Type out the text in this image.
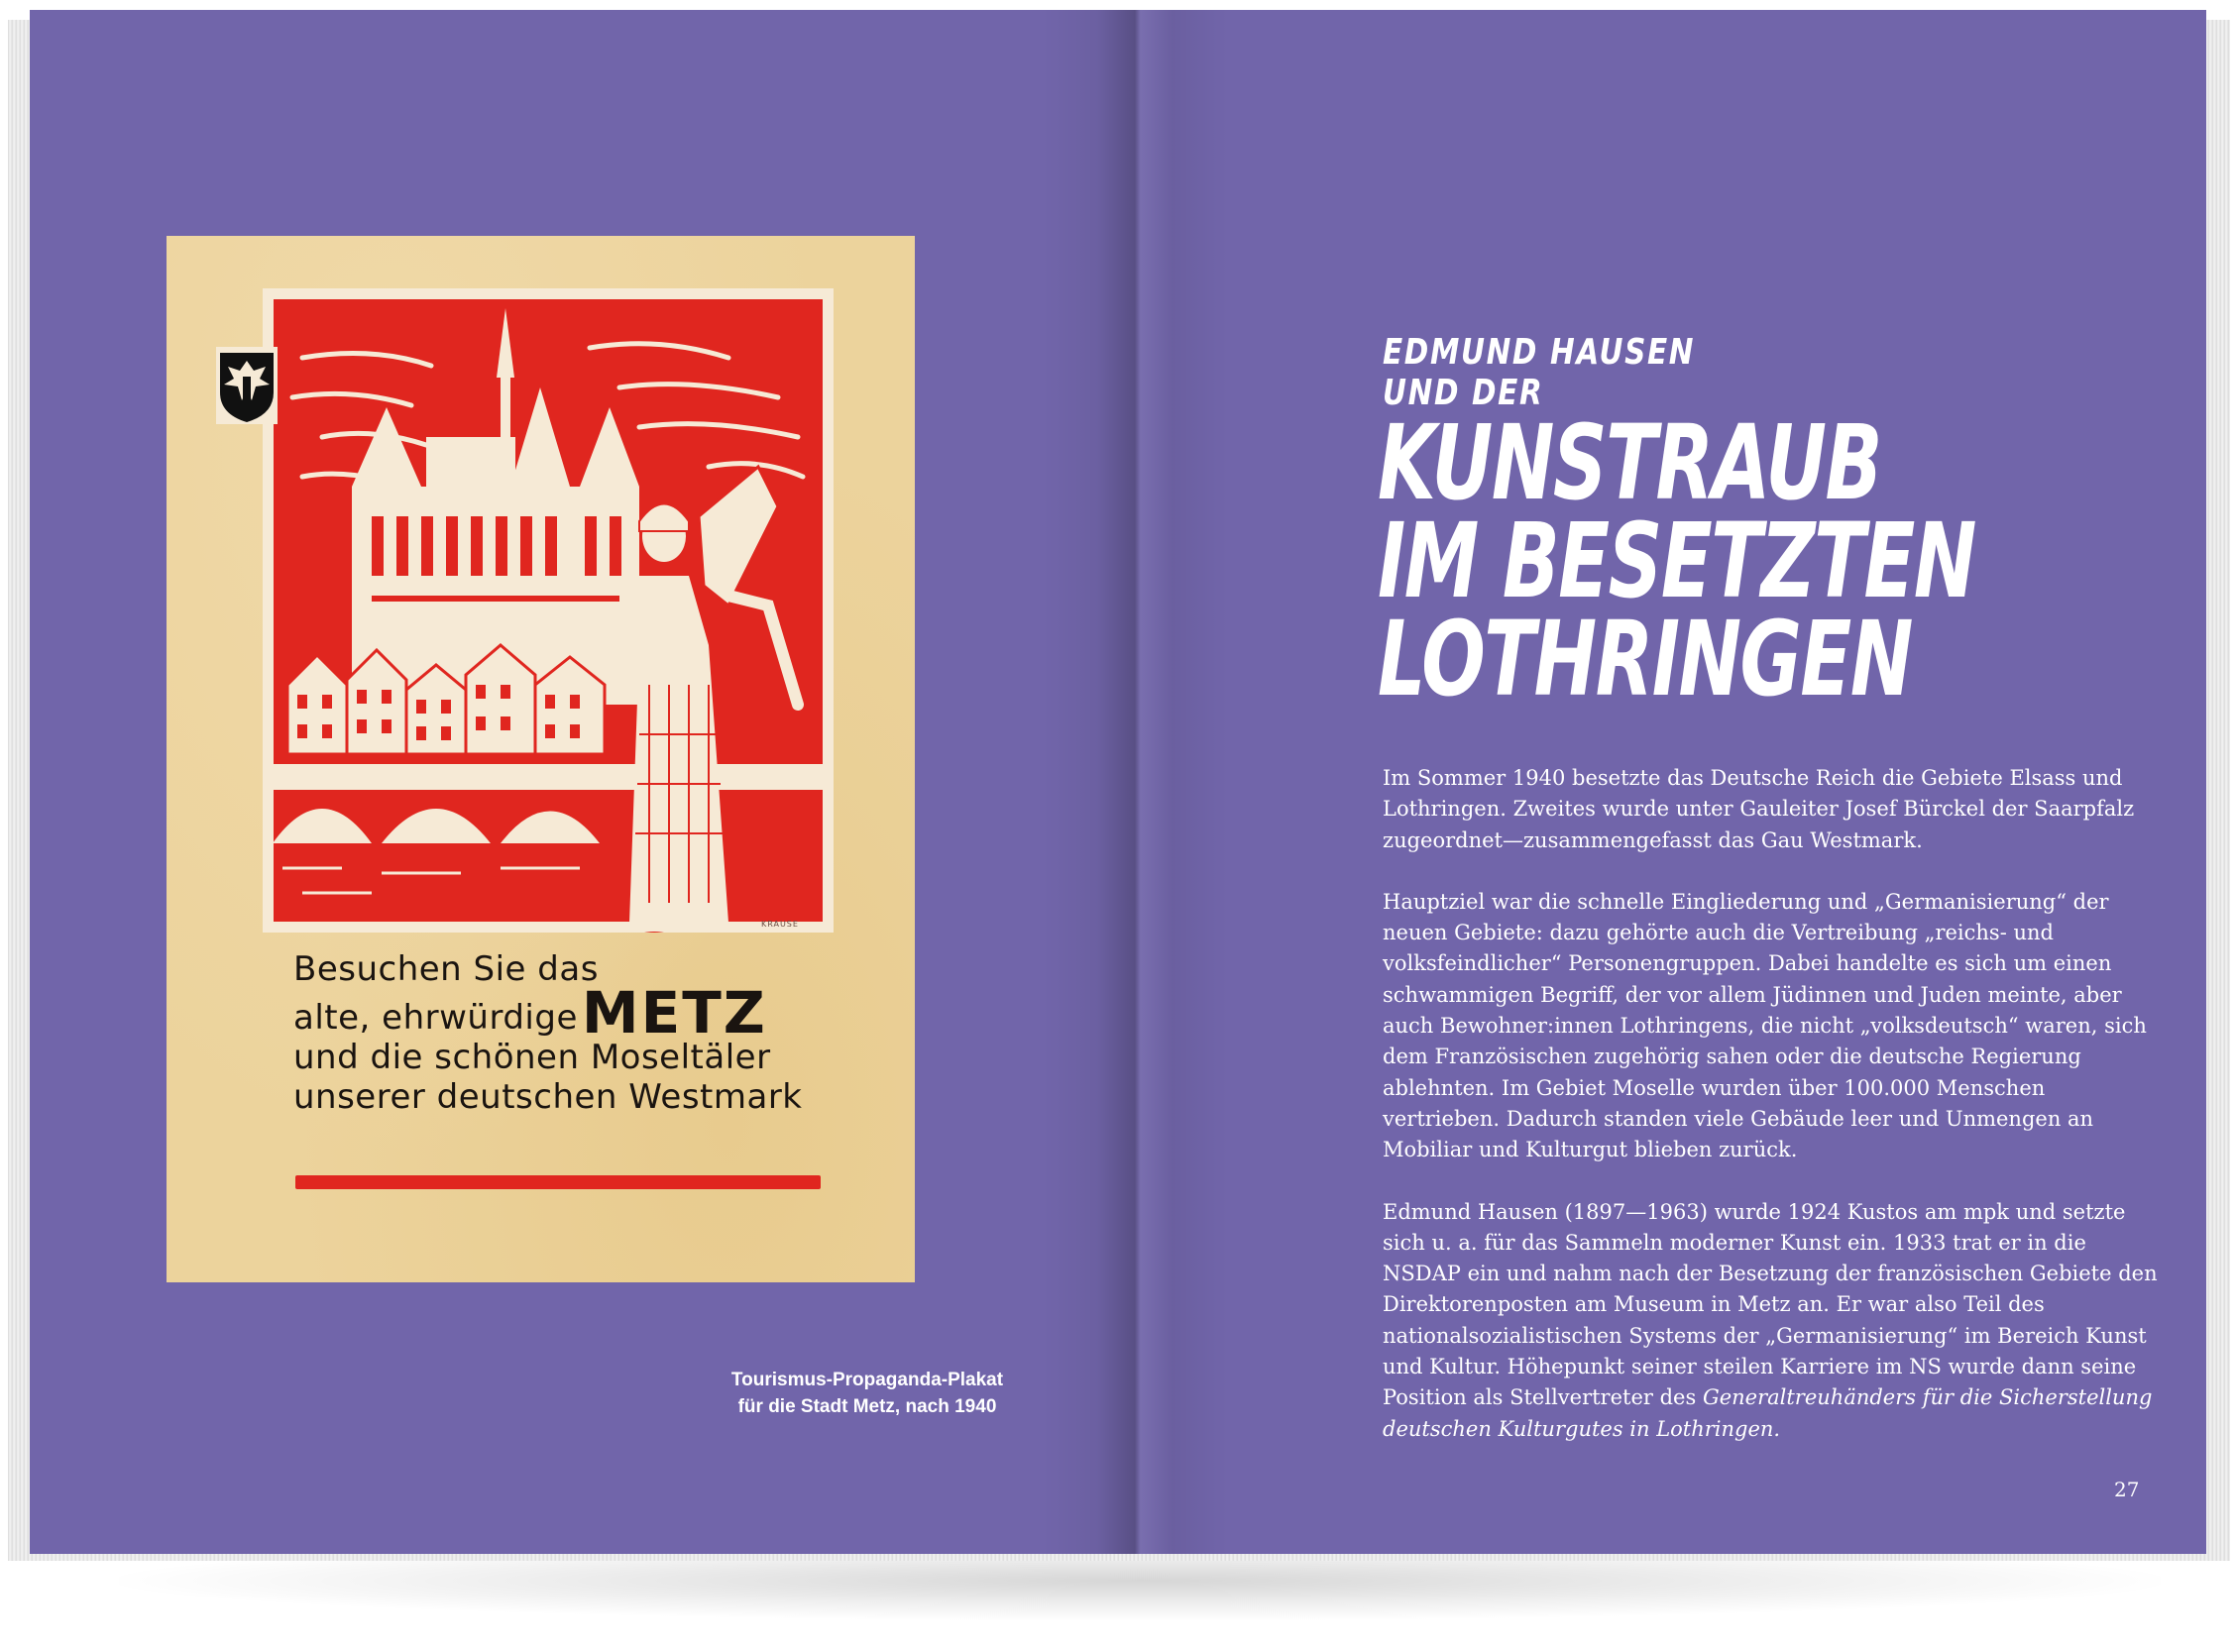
KRAUSE
Besuchen Sie das
alte, ehrwürdigeMETZ
und die schönen Moseltäler
unserer deutschen Westmark
Tourismus-Propaganda-Plakat
für die Stadt Metz, nach 1940
EDMUND HAUSEN
UND DER
KUNSTRAUB
IM BESETZTEN
LOTHRINGEN

Im Sommer 1940 besetzte das Deutsche Reich die Gebiete Elsass und Lothringen. Zweites wurde unter Gauleiter Josef Bürckel der Saarpfalz zugeordnet—zusammengefasst das Gau Westmark.

Hauptziel war die schnelle Eingliederung und „Germanisierung“ der neuen Gebiete: dazu gehörte auch die Vertreibung „reichs- und volksfeindlicher“ Personengruppen. Dabei handelte es sich um einen schwammigen Begriff, der vor allem Jüdinnen und Juden meinte, aber auch Bewohner:innen Lothringens, die nicht „volksdeutsch“ waren, sich dem Französischen zugehörig sahen oder die deutsche Regierung ablehnten. Im Gebiet Moselle wurden über 100.000 Menschen vertrieben. Dadurch standen viele Gebäude leer und Unmengen an Mobiliar und Kulturgut blieben zurück.

Edmund Hausen (1897—1963) wurde 1924 Kustos am mpk und setzte sich u. a. für das Sammeln moderner Kunst ein. 1933 trat er in die NSDAP ein und nahm nach der Besetzung der französischen Gebiete den Direktorenposten am Museum in Metz an. Er war also Teil des nationalsozialistischen Systems der „Germanisierung“ im Bereich Kunst und Kultur. Höhepunkt seiner steilen Karriere im NS wurde dann seine Position als Stellvertreter des Generaltreuhänders für die Sicherstellung deutschen Kulturgutes in Lothringen.

27
